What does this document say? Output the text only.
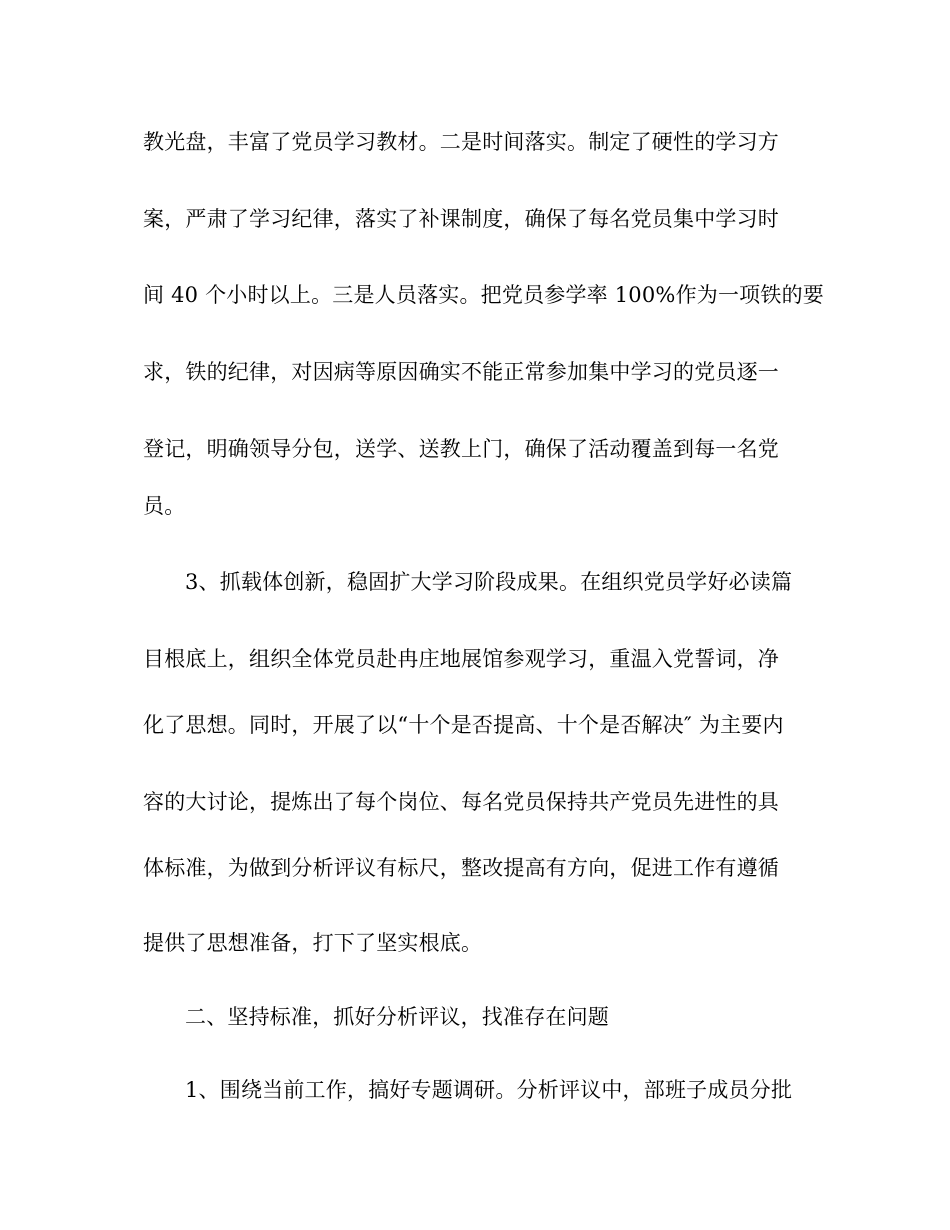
教光盘，丰富了党员学习教材。二是时间落实。制定了硬性的学习方

案，严肃了学习纪律，落实了补课制度，确保了每名党员集中学习时

间 40 个小时以上。三是人员落实。把党员参学率 100%作为一项铁的要

求，铁的纪律，对因病等原因确实不能正常参加集中学习的党员逐一

登记，明确领导分包，送学、送教上门，确保了活动覆盖到每一名党

员。

3、抓载体创新，稳固扩大学习阶段成果。在组织党员学好必读篇

目根底上，组织全体党员赴冉庄地展馆参观学习，重温入党誓词，净

化了思想。同时，开展了以“十个是否提高、十个是否解决″ 为主要内

容的大讨论，提炼出了每个岗位、每名党员保持共产党员先进性的具

体标准，为做到分析评议有标尺，整改提高有方向，促进工作有遵循

提供了思想准备，打下了坚实根底。

二、坚持标准，抓好分析评议，找准存在问题

1、围绕当前工作，搞好专题调研。分析评议中，部班子成员分批
